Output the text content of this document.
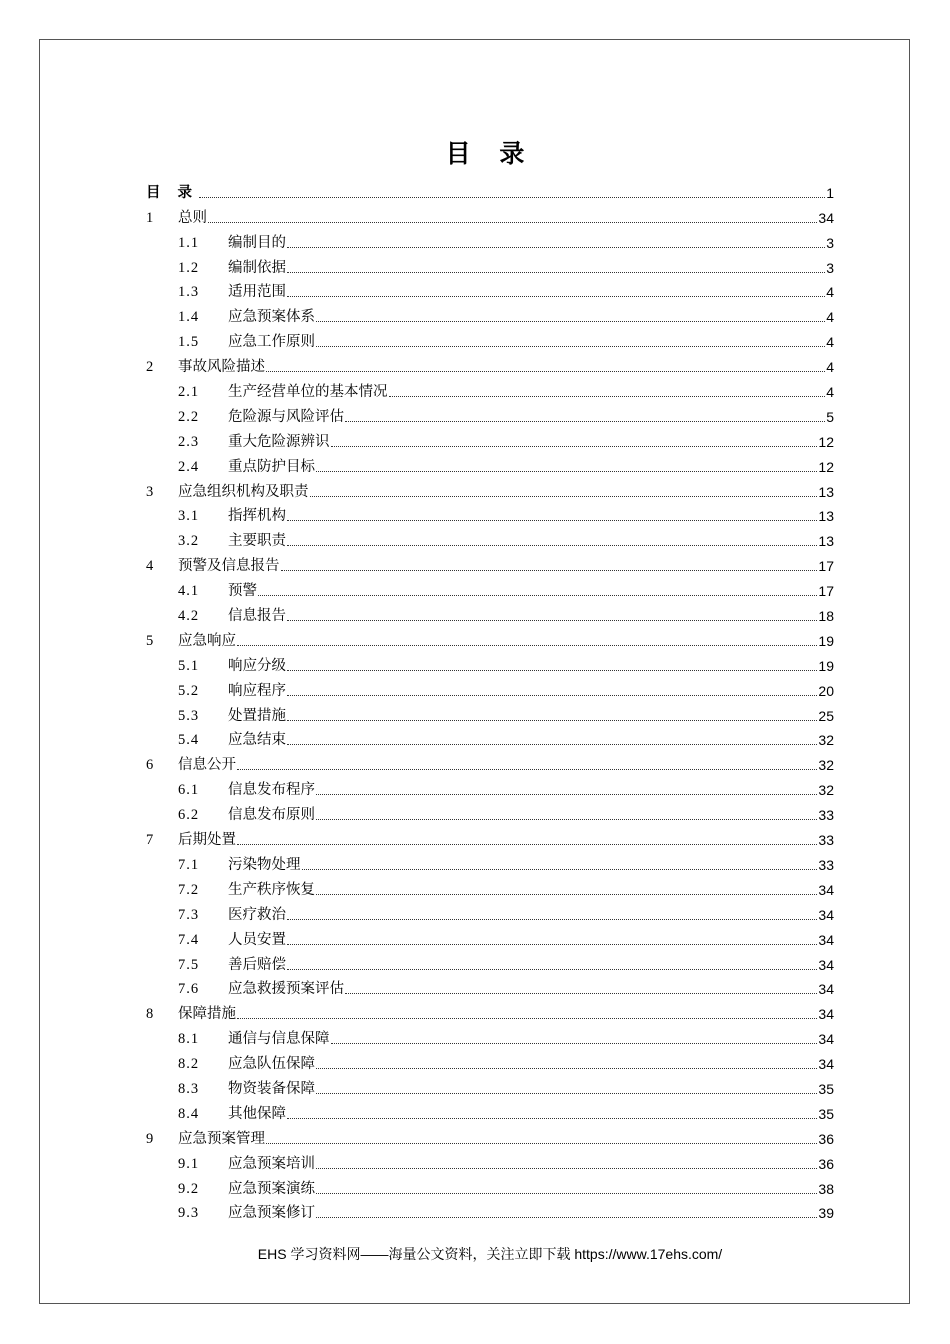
目 录
目 录	1
1	总则	34
1.1	编制目的	3
1.2	编制依据	3
1.3	适用范围	4
1.4	应急预案体系	4
1.5	应急工作原则	4
2	事故风险描述	4
2.1	生产经营单位的基本情况	4
2.2	危险源与风险评估	5
2.3	重大危险源辨识	12
2.4	重点防护目标	12
3	应急组织机构及职责	13
3.1	指挥机构	13
3.2	主要职责	13
4	预警及信息报告	17
4.1	预警	17
4.2	信息报告	18
5	应急响应	19
5.1	响应分级	19
5.2	响应程序	20
5.3	处置措施	25
5.4	应急结束	32
6	信息公开	32
6.1	信息发布程序	32
6.2	信息发布原则	33
7	后期处置	33
7.1	污染物处理	33
7.2	生产秩序恢复	34
7.3	医疗救治	34
7.4	人员安置	34
7.5	善后赔偿	34
7.6	应急救援预案评估	34
8	保障措施	34
8.1	通信与信息保障	34
8.2	应急队伍保障	34
8.3	物资装备保障	35
8.4	其他保障	35
9	应急预案管理	36
9.1	应急预案培训	36
9.2	应急预案演练	38
9.3	应急预案修订	39
EHS 学习资料网——海量公文资料，关注立即下载 https://www.17ehs.com/
